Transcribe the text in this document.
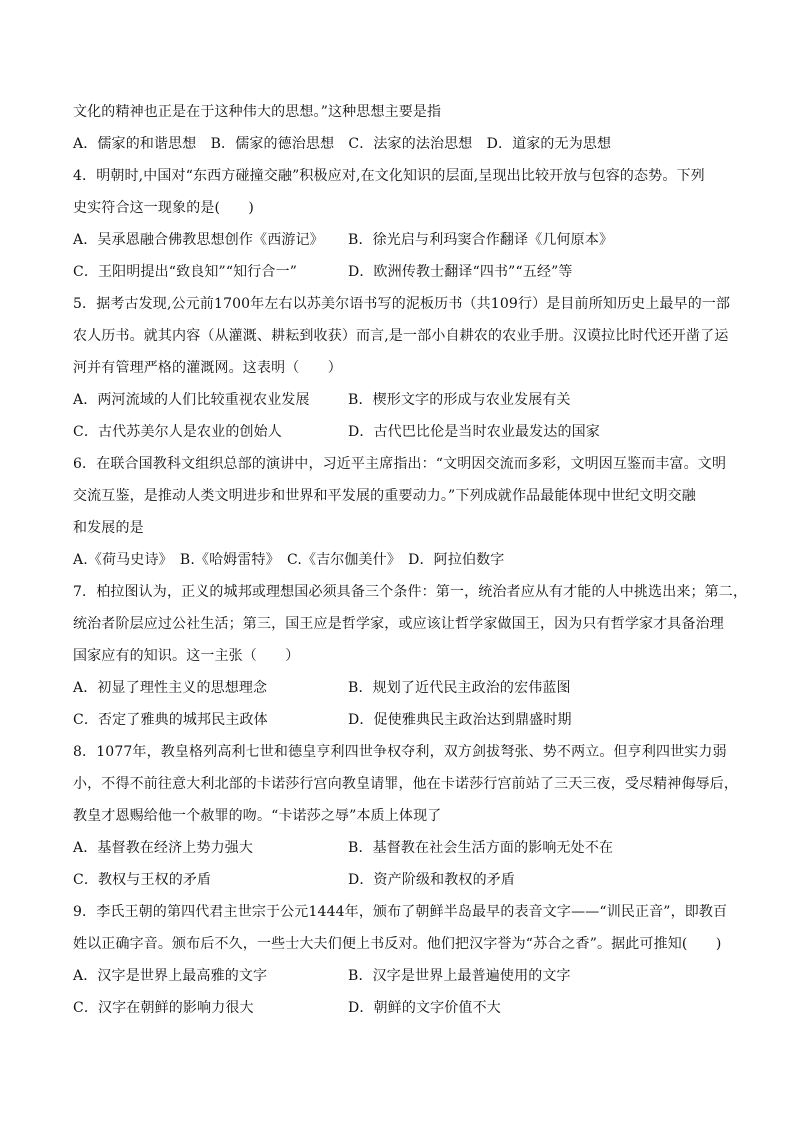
文化的精神也正是在于这种伟大的思想。”这种思想主要是指
A．儒家的和谐思想　B．儒家的德治思想　C．法家的法治思想　D．道家的无为思想
4．明朝时,中国对“东西方碰撞交融”积极应对,在文化知识的层面,呈现出比较开放与包容的态势。下列
史实符合这一现象的是(　　)
A．吴承恩融合佛教思想创作《西游记》 B．徐光启与利玛窦合作翻译《几何原本》
C．王阳明提出“致良知”“知行合一”	D．欧洲传教士翻译“四书”“五经”等
5．据考古发现,公元前1700年左右以苏美尔语书写的泥板历书（共109行）是目前所知历史上最早的一部
农人历书。就其内容（从灌溉、耕耘到收获）而言,是一部小自耕农的农业手册。汉谟拉比时代还开凿了运
河并有管理严格的灌溉网。这表明（　　）
A．两河流域的人们比较重视农业发展	B．楔形文字的形成与农业发展有关
C．古代苏美尔人是农业的创始人	D．古代巴比伦是当时农业最发达的国家
6．在联合国教科文组织总部的演讲中，习近平主席指出：“文明因交流而多彩，文明因互鉴而丰富。文明
交流互鉴，是推动人类文明进步和世界和平发展的重要动力。”下列成就作品最能体现中世纪文明交融
和发展的是
A.《荷马史诗》　B.《哈姆雷特》　C.《吉尔伽美什》　D．阿拉伯数字
7．柏拉图认为，正义的城邦或理想国必须具备三个条件：第一，统治者应从有才能的人中挑选出来；第二，
统治者阶层应过公社生活；第三，国王应是哲学家，或应该让哲学家做国王，因为只有哲学家才具备治理
国家应有的知识。这一主张（　　）
A．初显了理性主义的思想理念	B．规划了近代民主政治的宏伟蓝图
C．否定了雅典的城邦民主政体	D．促使雅典民主政治达到鼎盛时期
8．1077年，教皇格列高利七世和德皇亨利四世争权夺利，双方剑拔弩张、势不两立。但亨利四世实力弱
小，不得不前往意大利北部的卡诺莎行宫向教皇请罪，他在卡诺莎行宫前站了三天三夜，受尽精神侮辱后，
教皇才恩赐给他一个赦罪的吻。“卡诺莎之辱”本质上体现了
A．基督教在经济上势力强大	B．基督教在社会生活方面的影响无处不在
C．教权与王权的矛盾	D．资产阶级和教权的矛盾
9．李氏王朝的第四代君主世宗于公元1444年，颁布了朝鲜半岛最早的表音文字——“训民正音”，即教百
姓以正确字音。颁布后不久，一些士大夫们便上书反对。他们把汉字誉为“苏合之香”。据此可推知(　　)
A．汉字是世界上最高雅的文字	B．汉字是世界上最普遍使用的文字
C．汉字在朝鲜的影响力很大	D．朝鲜的文字价值不大
